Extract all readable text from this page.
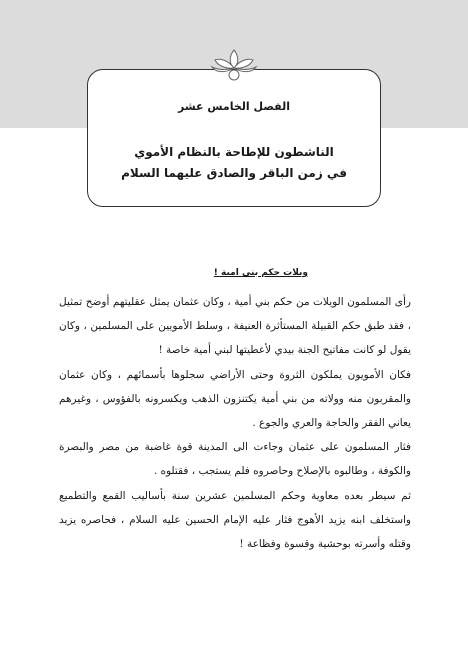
الفصل الخامس عشر
الناشطون للإطاحة بالنظام الأموي
في زمن الباقر والصادق عليهما السلام
ويلات حكم بني امية !

رأى المسلمون الويلات من حكم بني أمية ، وكان عثمان يمثل عقليتهم أوضح تمثيل ، فقد طبق حكم القبيلة المستأثرة العنيفة ، وسلط الأمويين على المسلمين ، وكان يقول لو كانت مفاتيح الجنة بيدي لأعطيتها لبني أمية خاصة !

فكان الأمويون يملكون الثروة وحتى الأراضي سجلوها بأسمائهم ، وكان عثمان والمقربون منه وولاته من بني أمية يكتنزون الذهب ويكسرونه بالفؤوس ، وغيرهم يعاني الفقر والحاجة والعري والجوع .

فثار المسلمون على عثمان وجاءت الى المدينة قوة غاضبة من مصر والبصرة والكوفة ، وطالبوه بالإصلاح وحاصروه فلم يستجب ، فقتلوه .

ثم سيطر بعده معاوية وحكم المسلمين عشرين سنة بأساليب القمع والتطميع واستخلف ابنه يزيد الأهوج فثار عليه الإمام الحسين عليه السلام ، فحاصره يزيد وقتله وأسرته بوحشية وقسوة وفظاعة !
